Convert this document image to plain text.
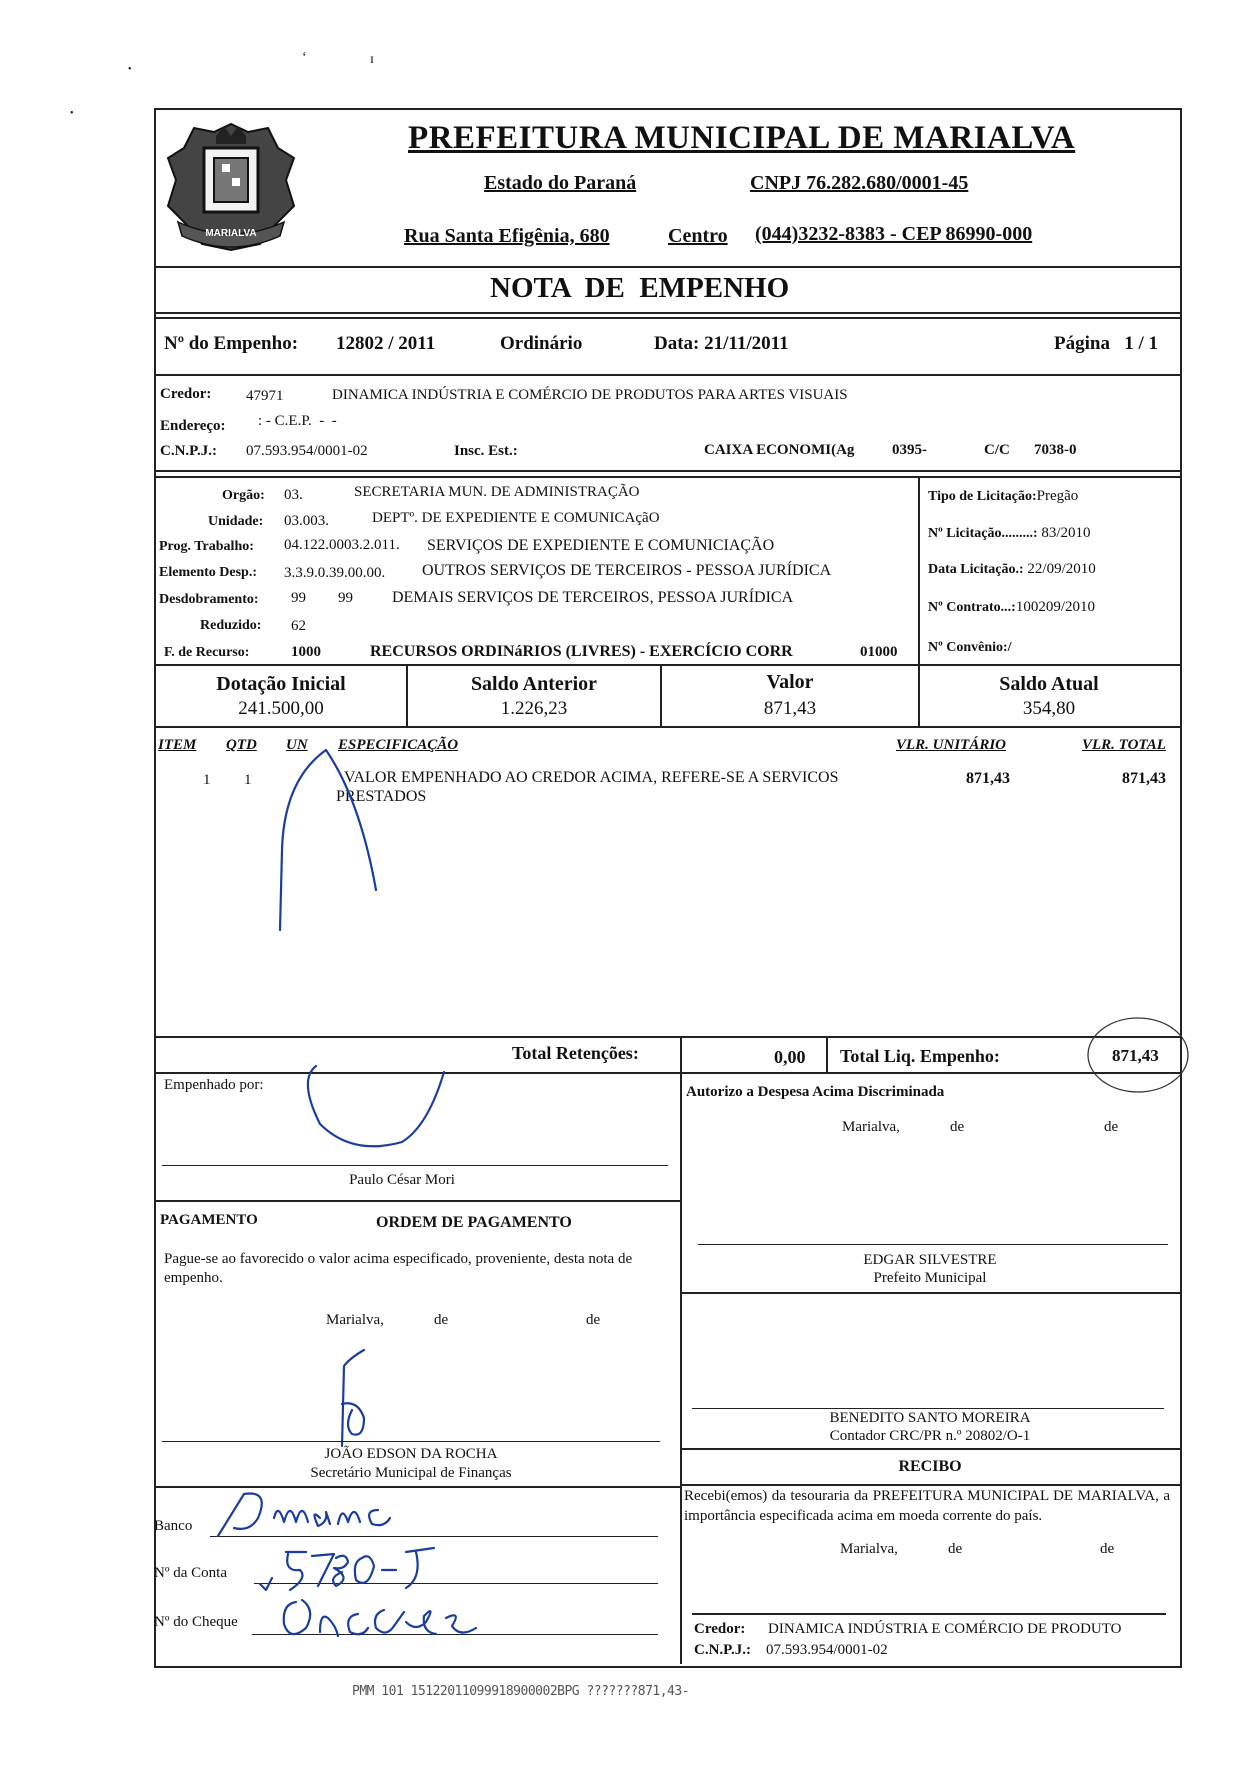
‘	ɪ
•
•
MARIALVA
PREFEITURA MUNICIPAL DE MARIALVA
Estado do Paraná	CNPJ 76.282.680/0001-45
Rua Santa Efigênia, 680	Centro (044)3232-8383 - CEP 86990-000
NOTA  DE  EMPENHO
Nº do Empenho: 12802 / 2011	Ordinário	Data: 21/11/2011	Página   1 / 1
Credor: 47971	DINAMICA INDÚSTRIA E COMÉRCIO DE PRODUTOS PARA ARTES VISUAIS
Endereço: : - C.E.P.  -  -
C.N.P.J.: 07.593.954/0001-02	Insc. Est.:	CAIXA ECONOMI(Ag	0395-	C/C 7038-0
Orgão: 03.	SECRETARIA MUN. DE ADMINISTRAÇÃO
Unidade: 03.003.	DEPTº. DE EXPEDIENTE E COMUNICAçãO
Prog. Trabalho: 04.122.0003.2.011. SERVIÇOS DE EXPEDIENTE E COMUNICIAÇÃO
Elemento Desp.: 3.3.9.0.39.00.00. OUTROS SERVIÇOS DE TERCEIROS - PESSOA JURÍDICA
Desdobramento: 99 99 DEMAIS SERVIÇOS DE TERCEIROS, PESSOA JURÍDICA
Reduzido: 62
F. de Recurso:	1000	RECURSOS ORDINáRIOS (LIVRES) - EXERCÍCIO CORR	01000
Tipo de Licitação:Pregão
Nº Licitação.........: 83/2010
Data Licitação.: 22/09/2010
Nº Contrato...:100209/2010
Nº Convênio:/
Dotação Inicial
241.500,00
Saldo Anterior
1.226,23
Valor
871,43
Saldo Atual
354,80
ITEM QTD UN ESPECIFICAÇÃO	VLR. UNITÁRIO	VLR. TOTAL
1 1	VALOR EMPENHADO AO CREDOR ACIMA, REFERE-SE A SERVICOS
PRESTADOS
871,43	871,43
Total Retenções:	0,00 Total Liq. Empenho:	871,43
Empenhado por:
Paulo César Mori
Autorizo a Despesa Acima Discriminada
Marialva,	de	de
PAGAMENTO	ORDEM DE PAGAMENTO
Pague-se ao favorecido o valor acima especificado, proveniente, desta nota de empenho.
EDGAR SILVESTRE
Prefeito Municipal
Marialva,	de	de
JOÃO EDSON DA ROCHA
Secretário Municipal de Finanças
BENEDITO SANTO MOREIRA
Contador CRC/PR n.º 20802/O-1
RECIBO
Recebi(emos) da tesouraria da PREFEITURA MUNICIPAL DE MARIALVA, a importância especificada acima em moeda corrente do país.
Marialva,	de	de
Banco
Nº da Conta
Nº do Cheque	Credor: DINAMICA INDÚSTRIA E COMÉRCIO DE PRODUTO
C.N.P.J.: 07.593.954/0001-02
PMM 101 15122011099918900002BPG ???????871,43-
